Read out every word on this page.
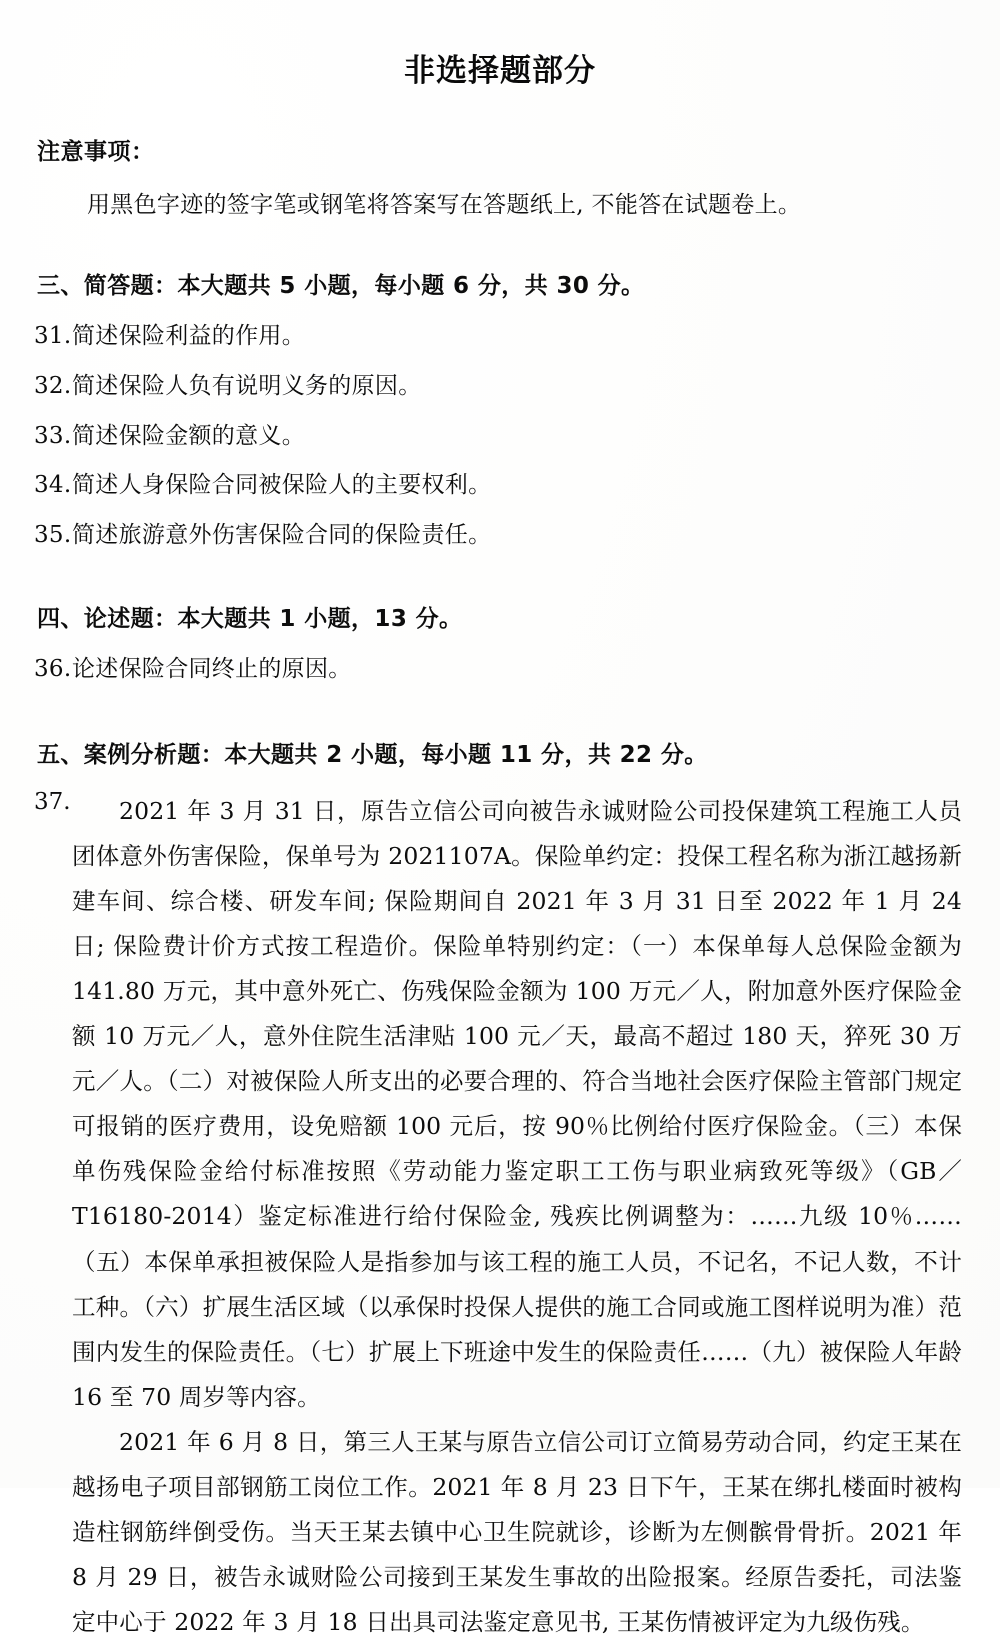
非选择题部分
注意事项：
用黑色字迹的签字笔或钢笔将答案写在答题纸上, 不能答在试题卷上。
三、简答题：本大题共 5 小题，每小题 6 分，共 30 分。
31. 简述保险利益的作用。
32. 简述保险人负有说明义务的原因。
33. 简述保险金额的意义。
34. 简述人身保险合同被保险人的主要权利。
35. 简述旅游意外伤害保险合同的保险责任。
四、论述题：本大题共 1 小题，13 分。
36. 论述保险合同终止的原因。
五、案例分析题：本大题共 2 小题，每小题 11 分，共 22 分。
37.	2021 年 3 月 31 日，原告立信公司向被告永诚财险公司投保建筑工程施工人员团体意外伤害保险，保单号为 2021107A。保险单约定：投保工程名称为浙江越扬新建车间、综合楼、研发车间; 保险期间自 2021 年 3 月 31 日至 2022 年 1 月 24 日; 保险费计价方式按工程造价。保险单特别约定：（一）本保单每人总保险金额为 141.80 万元，其中意外死亡、伤残保险金额为 100 万元／人，附加意外医疗保险金额 10 万元／人，意外住院生活津贴 100 元／天，最高不超过 180 天，猝死 30 万元／人。（二）对被保险人所支出的必要合理的、符合当地社会医疗保险主管部门规定可报销的医疗费用，设免赔额 100 元后，按 90％比例给付医疗保险金。（三）本保单伤残保险金给付标准按照《劳动能力鉴定职工工伤与职业病致死等级》（GB／T16180-2014）鉴定标准进行给付保险金, 残疾比例调整为：……九级 10％……（五）本保单承担被保险人是指参加与该工程的施工人员，不记名，不记人数，不计工种。（六）扩展生活区域（以承保时投保人提供的施工合同或施工图样说明为准）范围内发生的保险责任。（七）扩展上下班途中发生的保险责任……（九）被保险人年龄 16 至 70 周岁等内容。

2021 年 6 月 8 日，第三人王某与原告立信公司订立简易劳动合同，约定王某在越扬电子项目部钢筋工岗位工作。2021 年 8 月 23 日下午，王某在绑扎楼面时被构造柱钢筋绊倒受伤。当天王某去镇中心卫生院就诊，诊断为左侧髌骨骨折。2021 年 8 月 29 日，被告永诚财险公司接到王某发生事故的出险报案。经原告委托，司法鉴定中心于 2022 年 3 月 18 日出具司法鉴定意见书, 王某伤情被评定为九级伤残。
